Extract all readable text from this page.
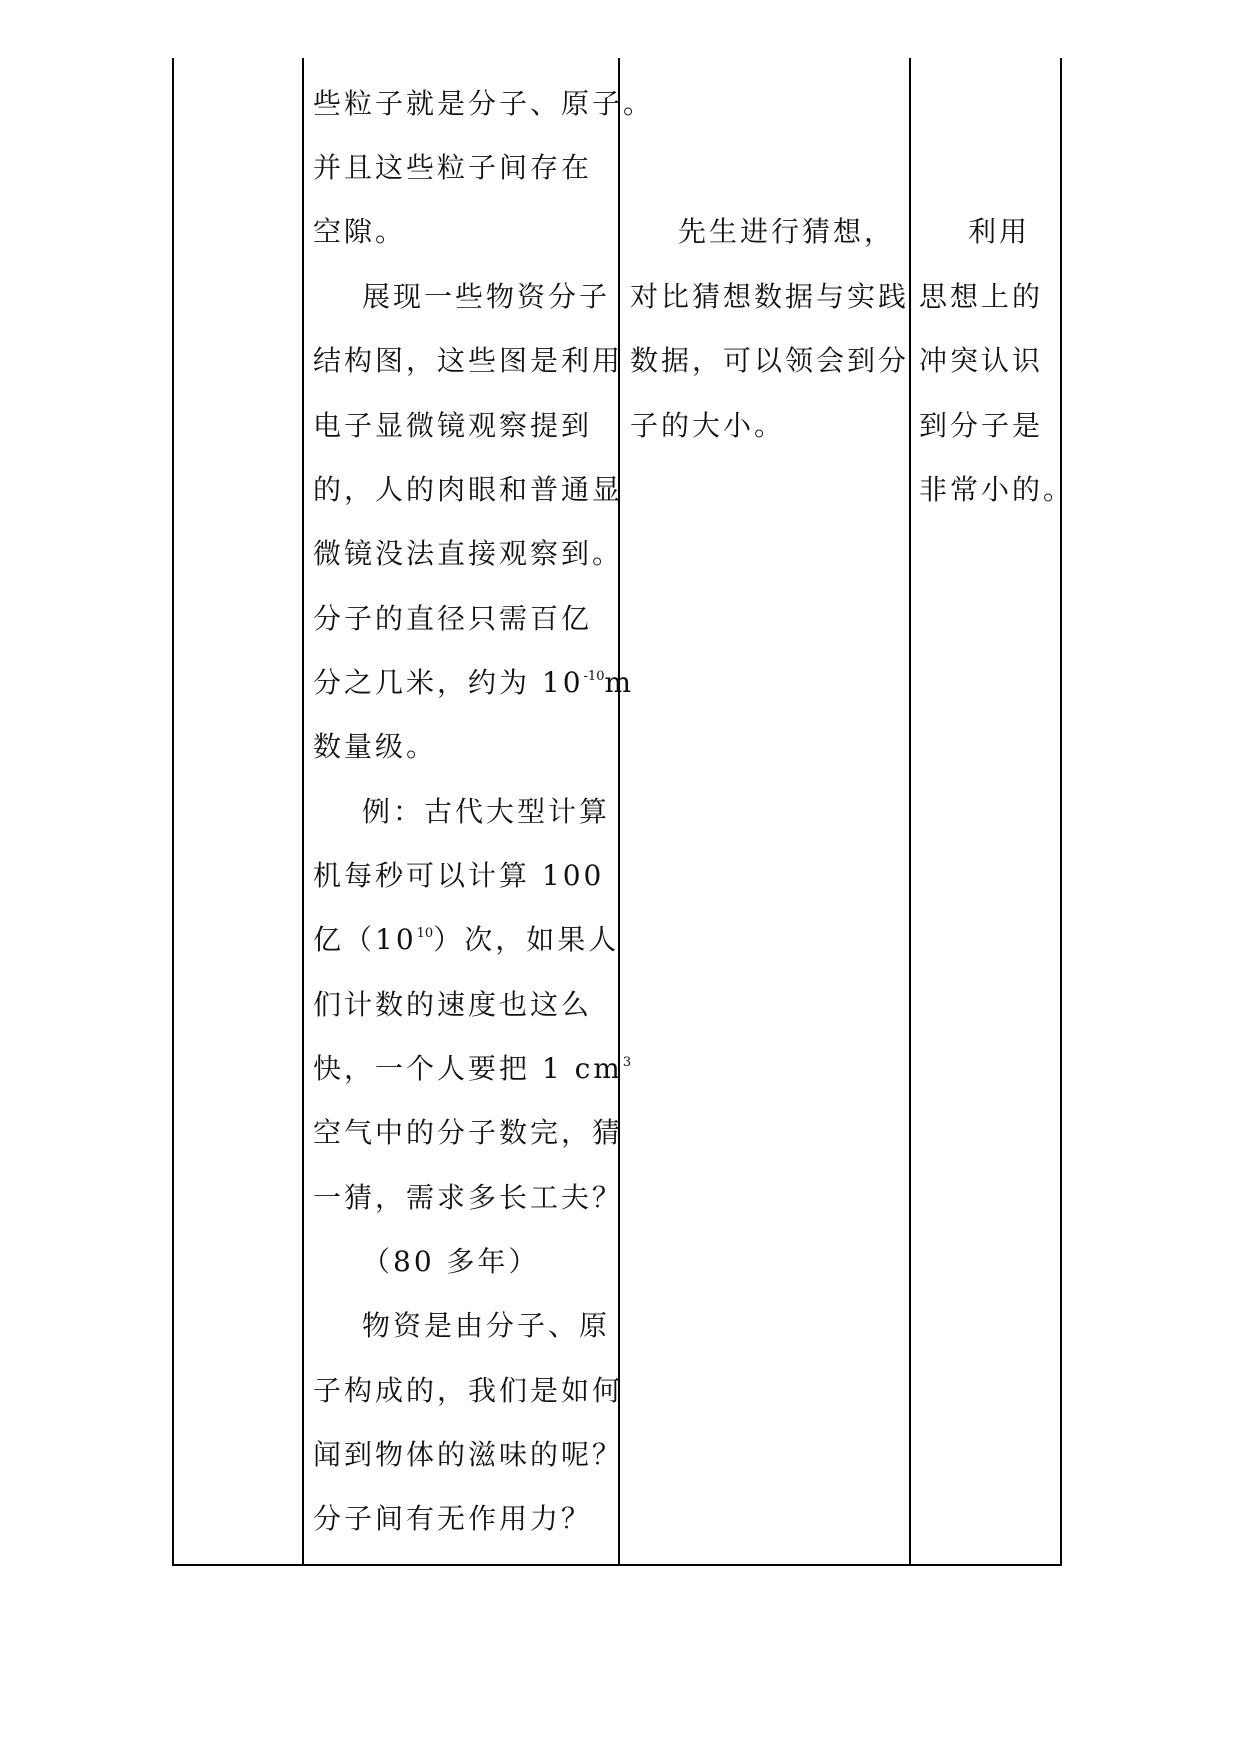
些粒子就是分子、原子。
并且这些粒子间存在
空隙。
展现一些物资分子
结构图，这些图是利用
电子显微镜观察提到
的，人的肉眼和普通显
微镜没法直接观察到。
分子的直径只需百亿
分之几米，约为 $10^{-10}m$
数量级。
例：古代大型计算
机每秒可以计算 100
亿$(10^{10})$次，如果人
们计数的速度也这么
快，一个人要把 1 $cm^3$
空气中的分子数完，猜
一猜，需求多长工夫？
（80 多年）
物资是由分子、原
子构成的，我们是如何
闻到物体的滋味的呢？
分子间有无作用力？
先生进行猜想，
对比猜想数据与实践
数据，可以领会到分
子的大小。
利用
思想上的
冲突认识
到分子是
非常小的。
